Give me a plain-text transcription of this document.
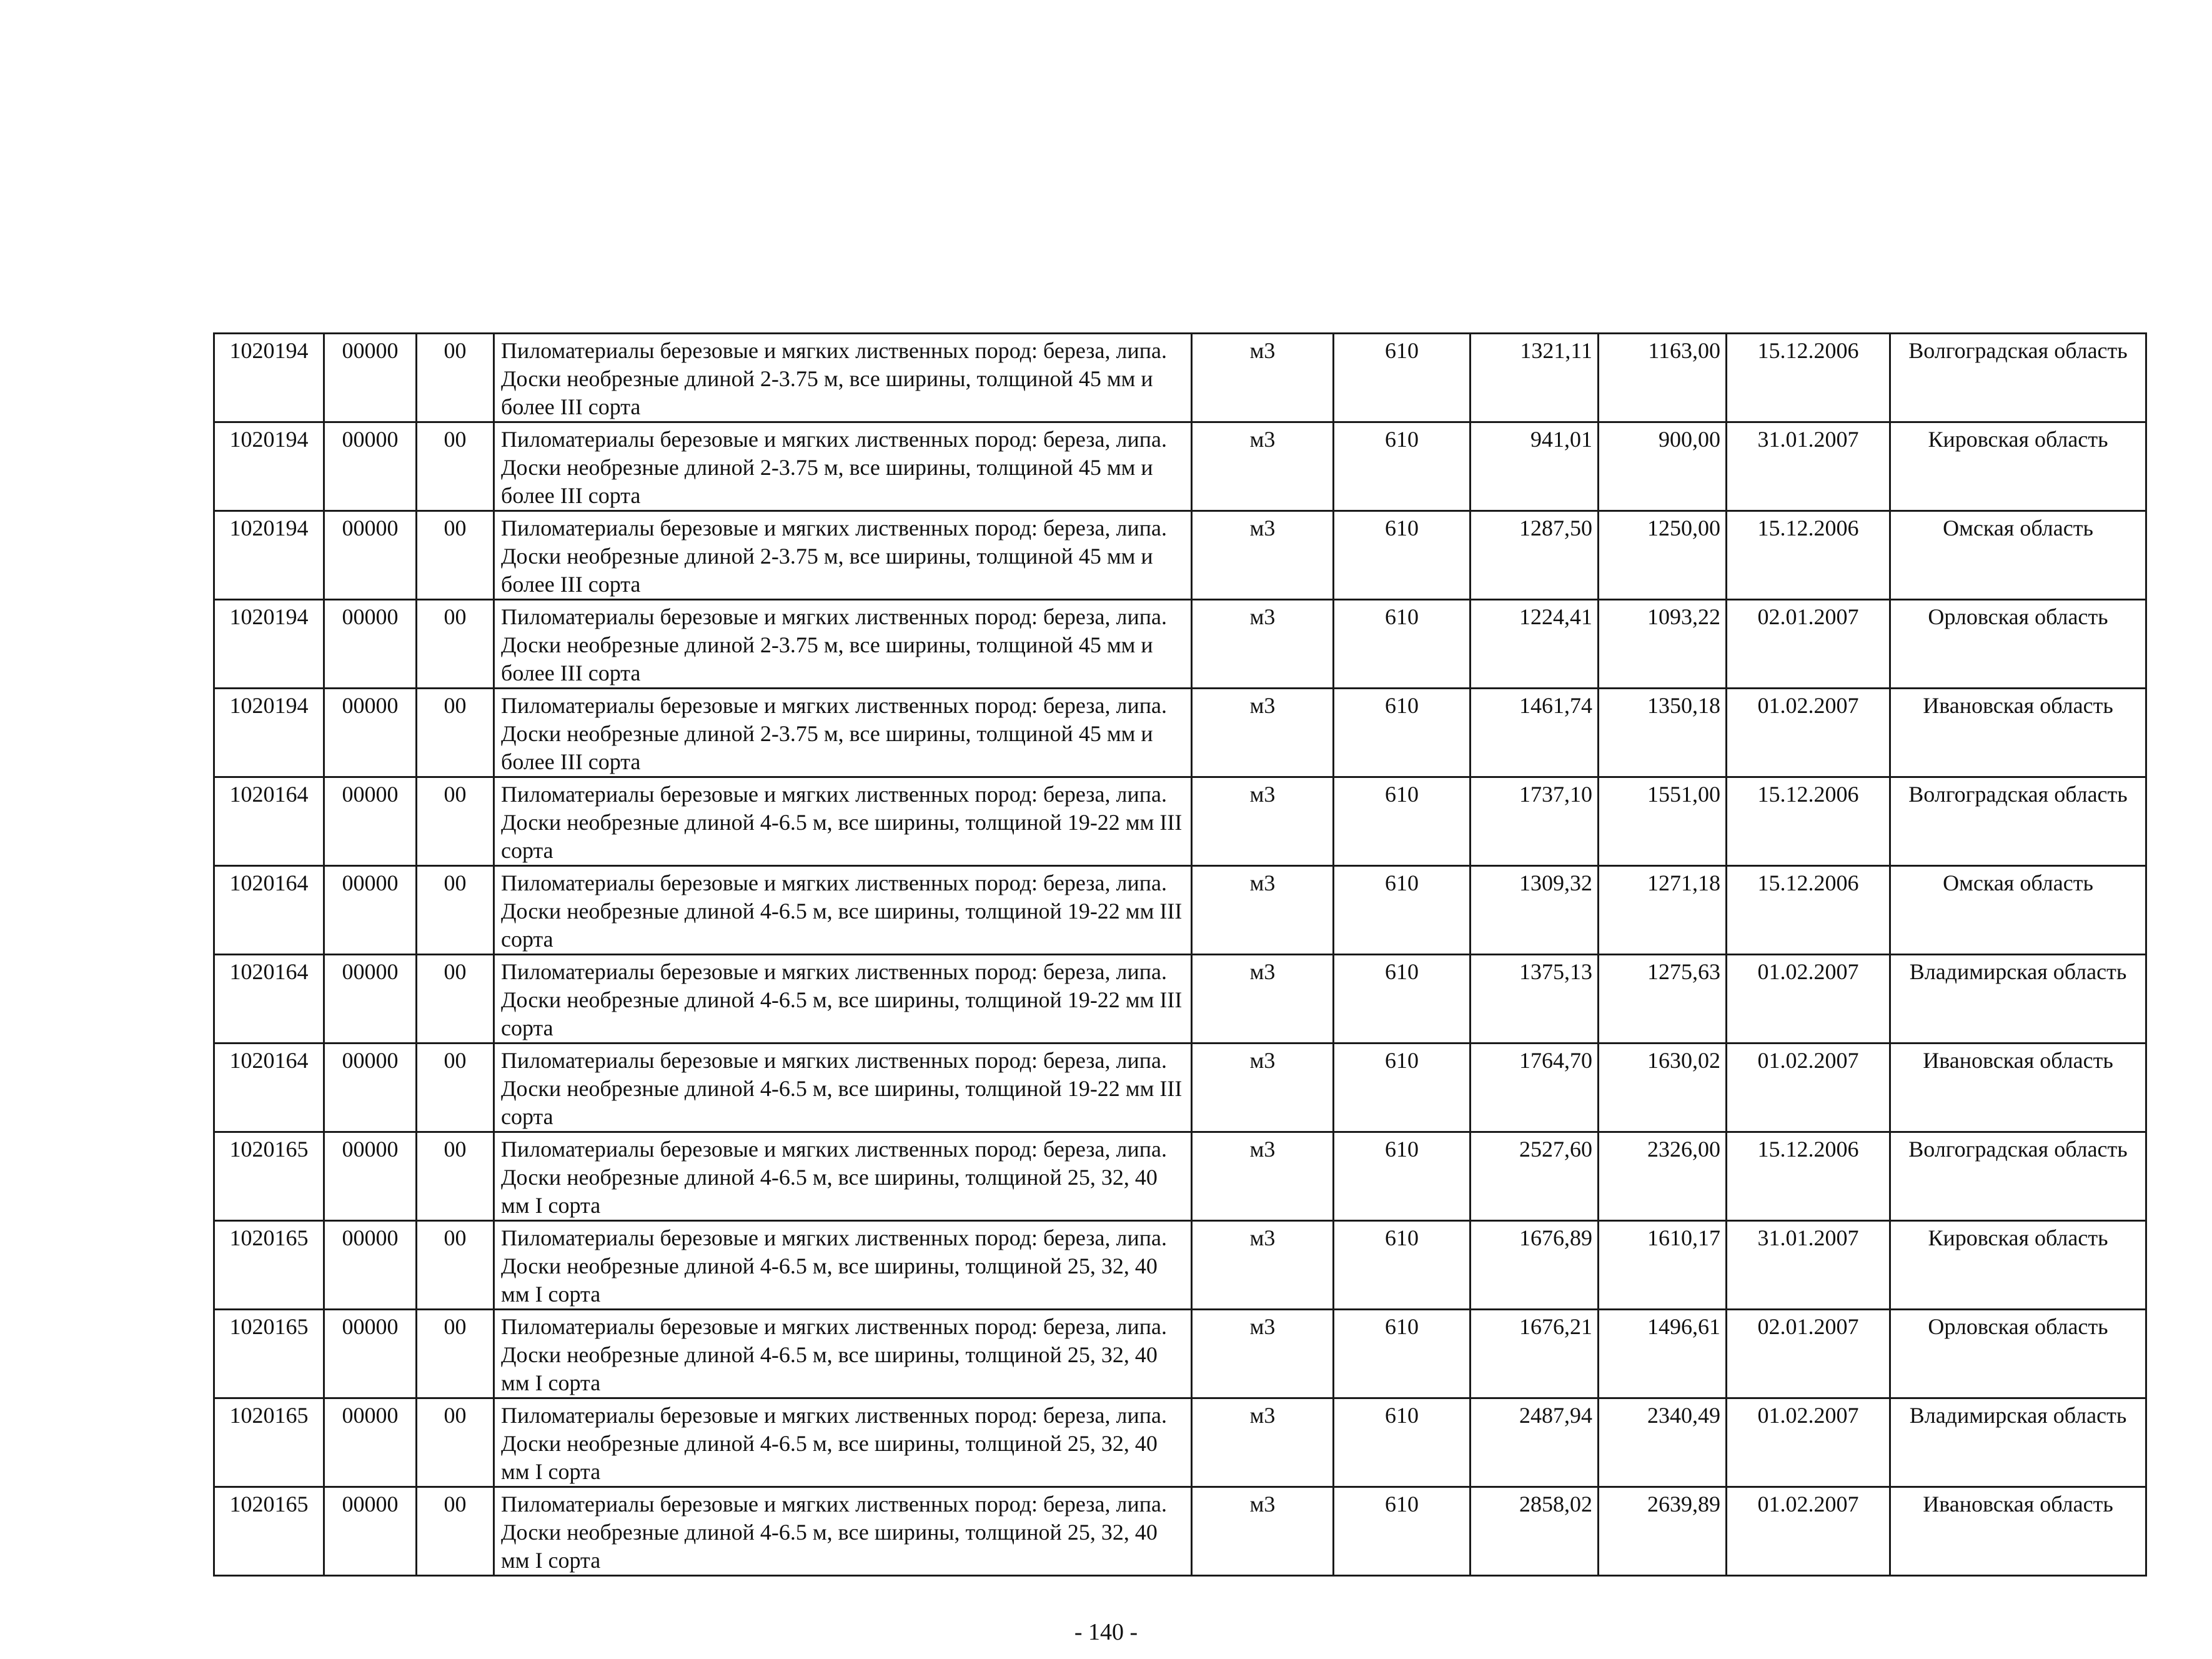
1020194	00000	00	Пиломатериалы березовые и мягких лиственных пород: береза, липа. Доски необрезные длиной 2-3.75 м, все ширины, толщиной 45 мм и более III сорта	м3	610	1321,11	1163,00	15.12.2006	Волгоградская область
1020194	00000	00	Пиломатериалы березовые и мягких лиственных пород: береза, липа. Доски необрезные длиной 2-3.75 м, все ширины, толщиной 45 мм и более III сорта	м3	610	941,01	900,00	31.01.2007	Кировская область
1020194	00000	00	Пиломатериалы березовые и мягких лиственных пород: береза, липа. Доски необрезные длиной 2-3.75 м, все ширины, толщиной 45 мм и более III сорта	м3	610	1287,50	1250,00	15.12.2006	Омская область
1020194	00000	00	Пиломатериалы березовые и мягких лиственных пород: береза, липа. Доски необрезные длиной 2-3.75 м, все ширины, толщиной 45 мм и более III сорта	м3	610	1224,41	1093,22	02.01.2007	Орловская область
1020194	00000	00	Пиломатериалы березовые и мягких лиственных пород: береза, липа. Доски необрезные длиной 2-3.75 м, все ширины, толщиной 45 мм и более III сорта	м3	610	1461,74	1350,18	01.02.2007	Ивановская область
1020164	00000	00	Пиломатериалы березовые и мягких лиственных пород: береза, липа. Доски необрезные длиной 4-6.5 м, все ширины, толщиной 19-22 мм III сорта	м3	610	1737,10	1551,00	15.12.2006	Волгоградская область
1020164	00000	00	Пиломатериалы березовые и мягких лиственных пород: береза, липа. Доски необрезные длиной 4-6.5 м, все ширины, толщиной 19-22 мм III сорта	м3	610	1309,32	1271,18	15.12.2006	Омская область
1020164	00000	00	Пиломатериалы березовые и мягких лиственных пород: береза, липа. Доски необрезные длиной 4-6.5 м, все ширины, толщиной 19-22 мм III сорта	м3	610	1375,13	1275,63	01.02.2007	Владимирская область
1020164	00000	00	Пиломатериалы березовые и мягких лиственных пород: береза, липа. Доски необрезные длиной 4-6.5 м, все ширины, толщиной 19-22 мм III сорта	м3	610	1764,70	1630,02	01.02.2007	Ивановская область
1020165	00000	00	Пиломатериалы березовые и мягких лиственных пород: береза, липа. Доски необрезные длиной 4-6.5 м, все ширины, толщиной 25, 32, 40 мм I сорта	м3	610	2527,60	2326,00	15.12.2006	Волгоградская область
1020165	00000	00	Пиломатериалы березовые и мягких лиственных пород: береза, липа. Доски необрезные длиной 4-6.5 м, все ширины, толщиной 25, 32, 40 мм I сорта	м3	610	1676,89	1610,17	31.01.2007	Кировская область
1020165	00000	00	Пиломатериалы березовые и мягких лиственных пород: береза, липа. Доски необрезные длиной 4-6.5 м, все ширины, толщиной 25, 32, 40 мм I сорта	м3	610	1676,21	1496,61	02.01.2007	Орловская область
1020165	00000	00	Пиломатериалы березовые и мягких лиственных пород: береза, липа. Доски необрезные длиной 4-6.5 м, все ширины, толщиной 25, 32, 40 мм I сорта	м3	610	2487,94	2340,49	01.02.2007	Владимирская область
1020165	00000	00	Пиломатериалы березовые и мягких лиственных пород: береза, липа. Доски необрезные длиной 4-6.5 м, все ширины, толщиной 25, 32, 40 мм I сорта	м3	610	2858,02	2639,89	01.02.2007	Ивановская область
- 140 -
